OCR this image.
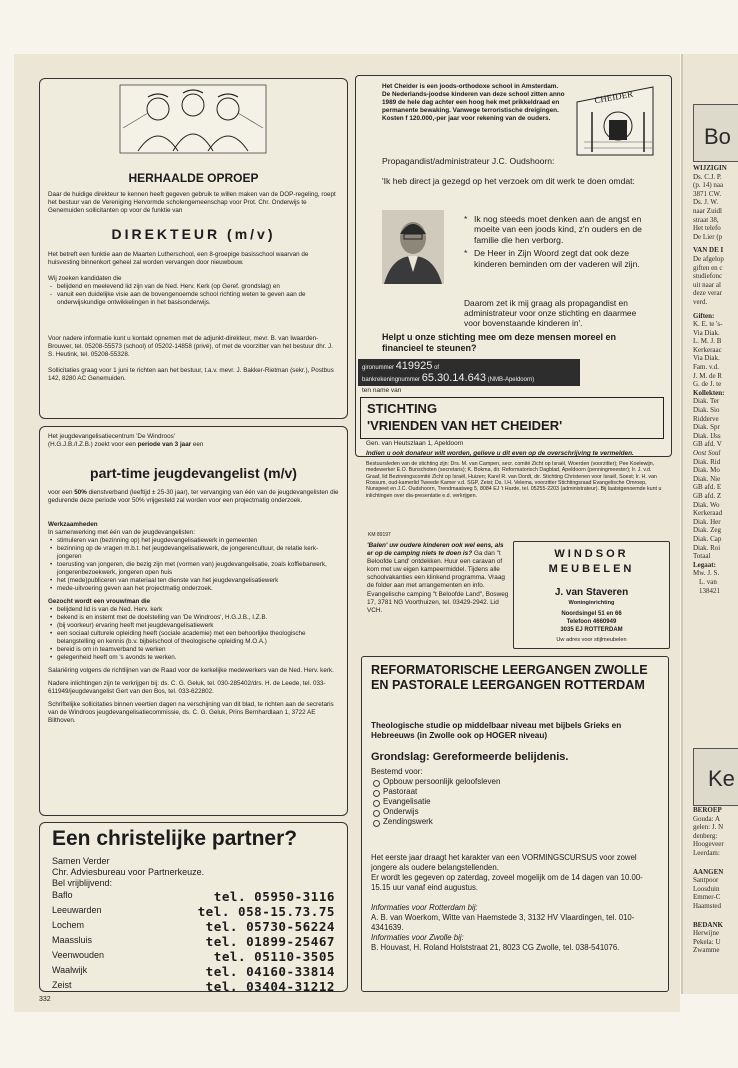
HERHAALDE OPROEP

Daar de huidige direkteur te kennen heeft gegeven gebruik te willen maken van de DOP-regeling, roept het bestuur van de Vereniging Hervormde scholengemeenschap voor Prot. Chr. Onderwijs te Genemuiden sollicitanten op voor de funktie van

DIREKTEUR (m/v)

Het betreft een funktie aan de Maarten Lutherschool, een 8-groepige basisschool waarvan de huisvesting binnenkort geheel zal worden vervangen door nieuwbouw.

Wij zoeken kandidaten die

- belijdend en meelevend lid zijn van de Ned. Herv. Kerk (op Geref. grondslag) en
- vanuit een duidelijke visie aan de bovengenoemde school richting weten te geven aan de onderwijskundige ontwikkelingen in het basisonderwijs.

Voor nadere informatie kunt u kontakt opnemen met de adjunkt-direkteur, mevr. B. van Iwaarden-Brouwer, tel. 05208-55573 (school) of 05202-14858 (privé), of met de voorzitter van het bestuur dhr. J. S. Heutink, tel. 05208-55328.

Sollicitaties graag voor 1 juni te richten aan het bestuur, t.a.v. mevr. J. Bakker-Rietman (sekr.), Postbus 142, 8280 AC Genemuiden.

Het jeugdevangelisatiecentrum 'De Windroos'

(H.G.J.B./I.Z.B.) zoekt voor een periode van 3 jaar een

part-time jeugdevangelist (m/v)

voor een 50% dienstverband (leeftijd ± 25-30 jaar), ter vervanging van één van de jeugdevangelisten die gedurende deze periode voor 50% vrijgesteld zal worden voor een projectmatig onderzoek.

Werkzaamheden

In samenwerking met één van de jeugdevangelisten:

• stimuleren van (bezinning op) het jeugdevangelisatiewerk in gemeenten
• bezinning op de vragen m.b.t. het jeugdevangelisatiewerk, de jongerencultuur, de relatie kerk-jongeren
• toerusting van jongeren, die bezig zijn met (vormen van) jeugdevangelisatie, zoals koffiebarwerk, jongerenbezoekwerk, jongeren open huis
• het (mede)publiceren van materiaal ten dienste van het jeugdevangelisatiewerk
• mede-uitvoering geven aan het projectmatig onderzoek.

Gezocht wordt een vrouw/man die

• belijdend lid is van de Ned. Herv. kerk
• bekend is en instemt met de doelstelling van 'De Windroos', H.G.J.B., I.Z.B.
• (bij voorkeur) ervaring heeft met jeugdevangelisatiewerk
• een sociaal culturele opleiding heeft (sociale academie) met een behoorlijke theologische belangstelling en kennis (b.v. bijbelschool of theologische opleiding M.O.A.)
• bereid is om in teamverband te werken
• gelegenheid heeft om 's avonds te werken.

Salariëring volgens de richtlijnen van de Raad voor de kerkelijke medewerkers van de Ned. Herv. kerk.

Nadere inlichtingen zijn te verkrijgen bij: ds. C. G. Geluk, tel. 030-285402/drs. H. de Leede, tel. 033-611949/jeugdevangelist Gert van den Bos, tel. 033-622802.

Schriftelijke sollicitaties binnen veertien dagen na verschijning van dit blad, te richten aan de secretaris van de Windroos jeugdevangelisatiecommissie, ds. C. G. Geluk, Prins Bernhardlaan 1, 3722 AE Bilthoven.

Een christelijke partner?

Samen Verder

Chr. Adviesbureau voor Partnerkeuze.

Bel vrijblijvend:

Baflo	tel. 05950-3116
Leeuwarden	tel. 058-15.73.75
Lochem	tel. 05730-56224
Maassluis	tel. 01899-25467
Veenwouden	tel. 05110-3505
Waalwijk	tel. 04160-33814
Zeist	tel. 03404-31212
332

Het Cheider is een joods-orthodoxe school in Amsterdam. De Nederlands-joodse kinderen van deze school zitten anno 1989 de hele dag achter een hoog hek met prikkeldraad en permanente bewaking. Vanwege terroristische dreigingen. Kosten f 120.000,-per jaar voor rekening van de ouders.

CHEIDER
Propagandist/administrateur J.C. Oudshoorn:
'Ik heb direct ja gezegd op het verzoek om dit werk te doen omdat:
* Ik nog steeds moet denken aan de angst en moeite van een joods kind, z'n ouders en de familie die hen verborg.
* De Heer in Zijn Woord zegt dat ook deze kinderen beminden om der vaderen wil zijn.

Daarom zet ik mij graag als propagandist en administrateur voor onze stichting en daarmee voor bovenstaande kinderen in'.

Helpt u onze stichting mee om deze mensen moreel en financieel te steunen?

gironummer 419925 of
bankrekeningnummer 65.30.14.643 (NMB-Apeldoorn)
ten name van
STICHTING
'VRIENDEN VAN HET CHEIDER'

Gen. van Heutszlaan 1, Apeldoorn

Indien u ook donateur wilt worden, gelieve u dit even op de overschrijving te vermelden.

Bestuursleden van de stichting zijn: Drs. M. van Campen, secr. comité Zicht op Israël, Woerden (voorzitter); Pee Koelewijn, medewerker E.O. Bunschoten (secretaris); K. Bokma, dir. Reformatorisch Dagblad, Apeldoorn (penningmeester); Ir. J. v.d. Graaf, lid Bezinningscomité Zicht op Israël, Huizen; Karel R. van Dordt, dir. Stichting Christenen voor Israël, Soest; Ir. H. van Rossum, oud-kamerlid Tweede Kamer v.d. SGP, Zeist; Ds. I.H. Velema, voorzitter Stichtingsraad Evangelische Omroep, Nunspeet en J.C. Oudshoorn, Trendmaatweg 5, 8084 EJ 't Harde, tel. 05255-2203 (administrateur). Bij laatstgenoemde kunt u inlichtingen over dia-presentatie e.d. verkrijgen.

KM 89197

'Balen' uw oudere kinderen ook wel eens, als er op de camping niets te doen is? Ga dan "t Beloofde Land' ontdekken. Huur een caravan of kom met uw eigen kampeermiddel. Tijdens alle schoolvakanties een klinkend programma. Vraag de folder aan met arrangementen en info.

Evangelische camping "t Beloofde Land", Bosweg 17, 3781 NG Voorthuizen, tel. 03429-2942. Lid VCH.

WINDSOR
MEUBELEN
J. van Staveren
Woninginrichting
Noordsingel 51 en 66
Telefoon 4660949
3035 EJ ROTTERDAM
Uw adres voor stijlmeubelen
REFORMATORISCHE LEERGANGEN ZWOLLE EN PASTORALE LEERGANGEN ROTTERDAM
Theologische studie op middelbaar niveau met bijbels Grieks en Hebreeuws (in Zwolle ook op HOGER niveau)
Grondslag: Gereformeerde belijdenis.

Bestemd voor:

Opbouw persoonlijk geloofsleven
Pastoraat
Evangelisatie
Onderwijs
Zendingswerk

Het eerste jaar draagt het karakter van een VORMINGSCURSUS voor zowel jongere als oudere belangstellenden.

Er wordt les gegeven op zaterdag, zoveel mogelijk om de 14 dagen van 10.00-15.15 uur vanaf eind augustus.

Informaties voor Rotterdam bij:

A. B. van Woerkom, Witte van Haemstede 3, 3132 HV Vlaardingen, tel. 010-4341639.

Informaties voor Zwolle bij:

B. Houvast, H. Roland Holststraat 21, 8023 CG Zwolle, tel. 038-541076.

Bo

WIJZIGIN

Ds. C.J. P.

(p. 14) naa

3871 CW.

Ds. J. W.

naar Zuidl

straat 38,

Het telefo

De Lier (p

VAN DE I

De afgelop

giften en c

studiefonc

uit naar al

deze verar

verd.

Giften:

K. E. te 's-

Via Diak.

L. M. J. B

Kerkeraac

Via Diak.

Fam. v.d.

J. M. de R

G. de J. te

Kollekten:

Diak. Ter

Diak. Sio

Ridderve

Diak. Spr

Diak. IJss

GB afd. V

Oost Soul

Diak. Rid

Diak. Mo

Diak. Nie

GB afd. E

GB afd. Z

Diak. Wo

Kerkeraad

Diak. Her

Diak. Zeg

Diak. Cap

Diak. Roi

Totaal

Legaat:

Mw. J. S.

L. van

138421

Ke

BEROEP

Gouda: A

gelen: J. N

denberg:

Hoogeveer

Leerdam:

AANGEN

Santpoor

Loosduin

Emmer-C

Haamsted

BEDANK

Herwijne

Pekela: U

Zwamme
